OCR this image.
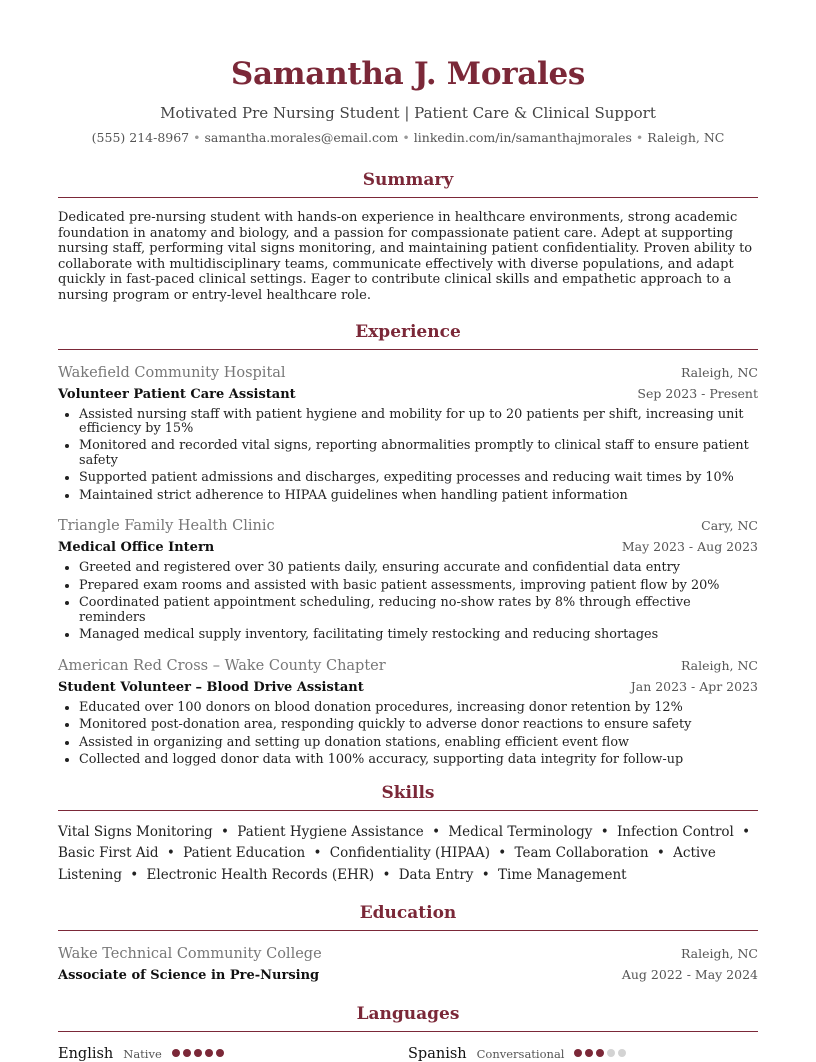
Samantha J. Morales
Motivated Pre Nursing Student | Patient Care & Clinical Support
(555) 214-8967 • samantha.morales@email.com • linkedin.com/in/samanthajmorales • Raleigh, NC
Summary
Dedicated pre-nursing student with hands-on experience in healthcare environments, strong academic foundation in anatomy and biology, and a passion for compassionate patient care. Adept at supporting nursing staff, performing vital signs monitoring, and maintaining patient confidentiality. Proven ability to collaborate with multidisciplinary teams, communicate effectively with diverse populations, and adapt quickly in fast-paced clinical settings. Eager to contribute clinical skills and empathetic approach to a nursing program or entry-level healthcare role.
Experience
Wakefield Community Hospital	Raleigh, NC
Volunteer Patient Care Assistant	Sep 2023 - Present
• Assisted nursing staff with patient hygiene and mobility for up to 20 patients per shift, increasing unit efficiency by 15%
• Monitored and recorded vital signs, reporting abnormalities promptly to clinical staff to ensure patient safety
• Supported patient admissions and discharges, expediting processes and reducing wait times by 10%
• Maintained strict adherence to HIPAA guidelines when handling patient information
Triangle Family Health Clinic	Cary, NC
Medical Office Intern	May 2023 - Aug 2023
• Greeted and registered over 30 patients daily, ensuring accurate and confidential data entry
• Prepared exam rooms and assisted with basic patient assessments, improving patient flow by 20%
• Coordinated patient appointment scheduling, reducing no-show rates by 8% through effective reminders
• Managed medical supply inventory, facilitating timely restocking and reducing shortages
American Red Cross – Wake County Chapter	Raleigh, NC
Student Volunteer – Blood Drive Assistant	Jan 2023 - Apr 2023
• Educated over 100 donors on blood donation procedures, increasing donor retention by 12%
• Monitored post-donation area, responding quickly to adverse donor reactions to ensure safety
• Assisted in organizing and setting up donation stations, enabling efficient event flow
• Collected and logged donor data with 100% accuracy, supporting data integrity for follow-up
Skills
Vital Signs Monitoring • Patient Hygiene Assistance • Medical Terminology • Infection Control • Basic First Aid • Patient Education • Confidentiality (HIPAA) • Team Collaboration • Active Listening • Electronic Health Records (EHR) • Data Entry • Time Management
Education
Wake Technical Community College	Raleigh, NC
Associate of Science in Pre-Nursing	Aug 2022 - May 2024
Languages
English Native	Spanish Conversational
